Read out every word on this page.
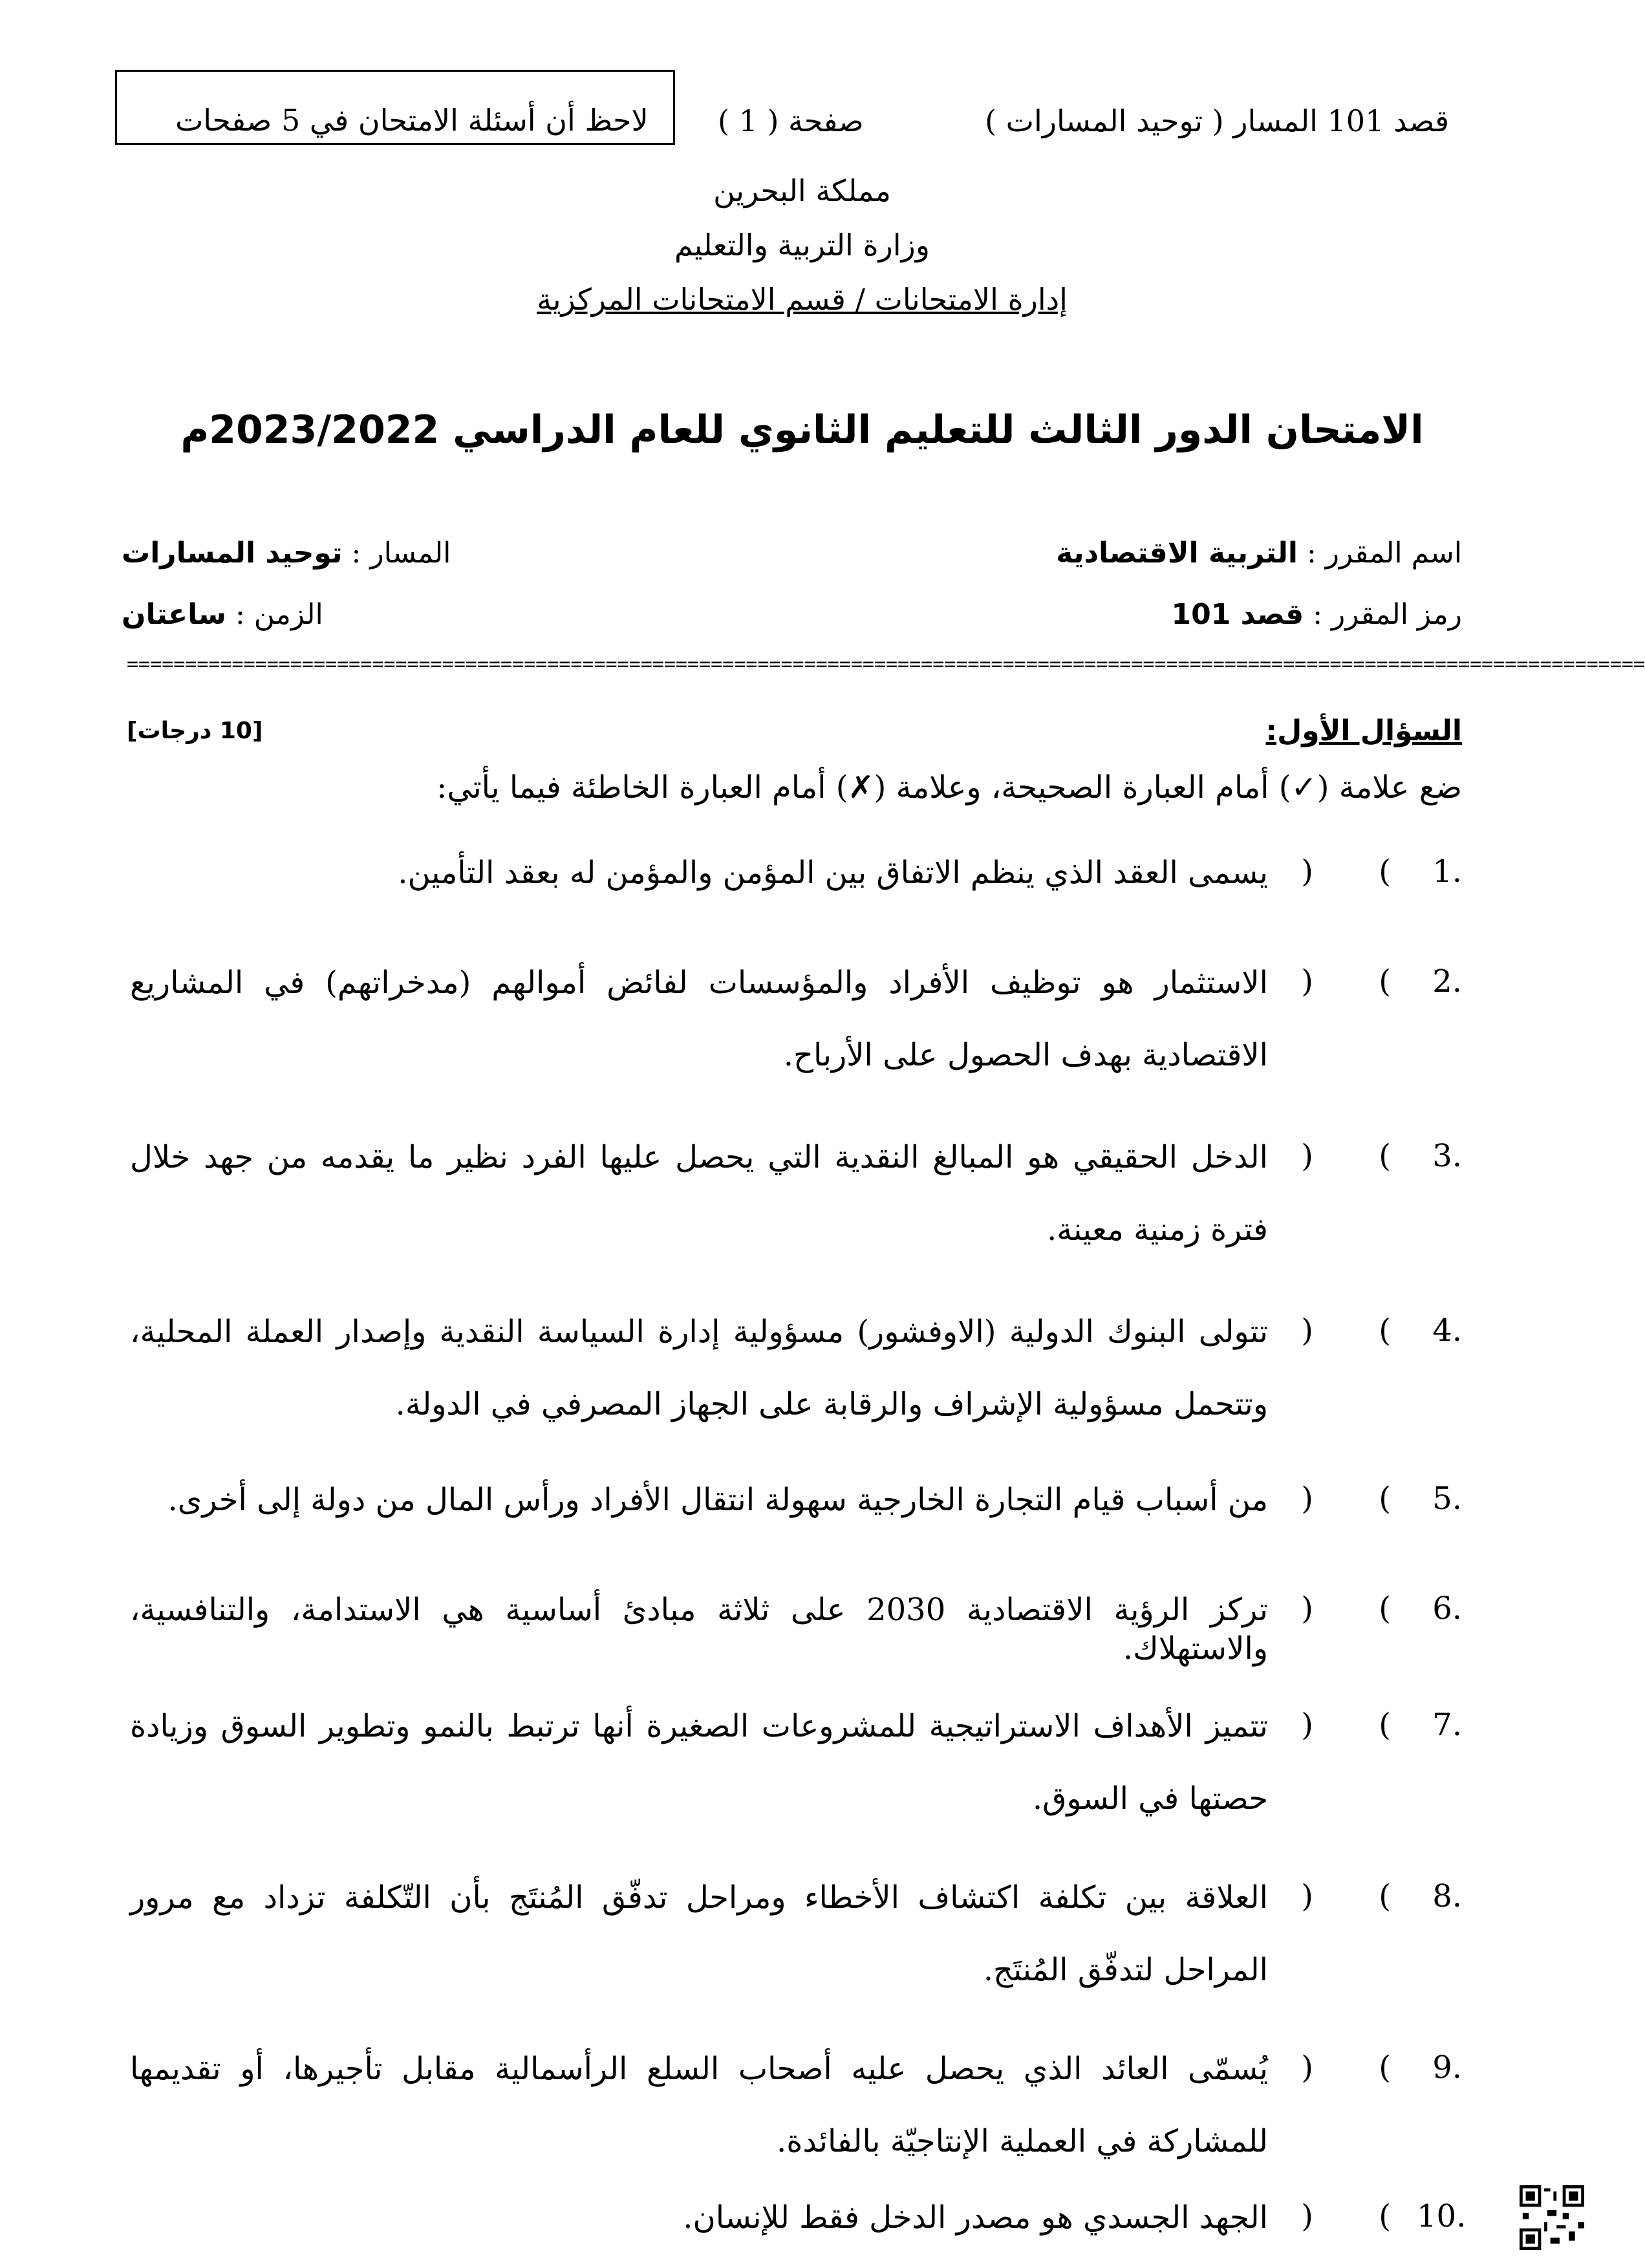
قصد 101 المسار ( توحيد المسارات )
صفحة ( 1 )
لاحظ أن أسئلة الامتحان في 5 صفحات
مملكة البحرين
وزارة التربية والتعليم
إدارة الامتحانات / قسم الامتحانات المركزية
الامتحان الدور الثالث للتعليم الثانوي للعام الدراسي 2023/2022م
اسم المقرر : التربية الاقتصادية
رمز المقرر : قصد 101
المسار : توحيد المسارات
الزمن : ساعتان
==================================================================================================================================
السؤال الأول:
[10 درجات]
ضع علامة (✓) أمام العبارة الصحيحة، وعلامة (✗) أمام العبارة الخاطئة فيما يأتي:
1.
(
)
يسمى العقد الذي ينظم الاتفاق بين المؤمن والمؤمن له بعقد التأمين.
2.
(
)
الاستثمار هو توظيف الأفراد والمؤسسات لفائض أموالهم (مدخراتهم) في المشاريع الاقتصادية بهدف الحصول على الأرباح.
3.
(
)
الدخل الحقيقي هو المبالغ النقدية التي يحصل عليها الفرد نظير ما يقدمه من جهد خلال فترة زمنية معينة.
4.
(
)
تتولى البنوك الدولية (الاوفشور) مسؤولية إدارة السياسة النقدية وإصدار العملة المحلية، وتتحمل مسؤولية الإشراف والرقابة على الجهاز المصرفي في الدولة.
5.
(
)
من أسباب قيام التجارة الخارجية سهولة انتقال الأفراد ورأس المال من دولة إلى أخرى.
6.
(
)
تركز الرؤية الاقتصادية 2030 على ثلاثة مبادئ أساسية هي الاستدامة، والتنافسية، والاستهلاك.
7.
(
)
تتميز الأهداف الاستراتيجية للمشروعات الصغيرة أنها ترتبط بالنمو وتطوير السوق وزيادة حصتها في السوق.
8.
(
)
العلاقة بين تكلفة اكتشاف الأخطاء ومراحل تدفّق المُنتَج بأن التّكلفة تزداد مع مرور المراحل لتدفّق المُنتَج.
9.
(
)
يُسمّى العائد الذي يحصل عليه أصحاب السلع الرأسمالية مقابل تأجيرها، أو تقديمها للمشاركة في العملية الإنتاجيّة بالفائدة.
10.
(
)
الجهد الجسدي هو مصدر الدخل فقط للإنسان.
